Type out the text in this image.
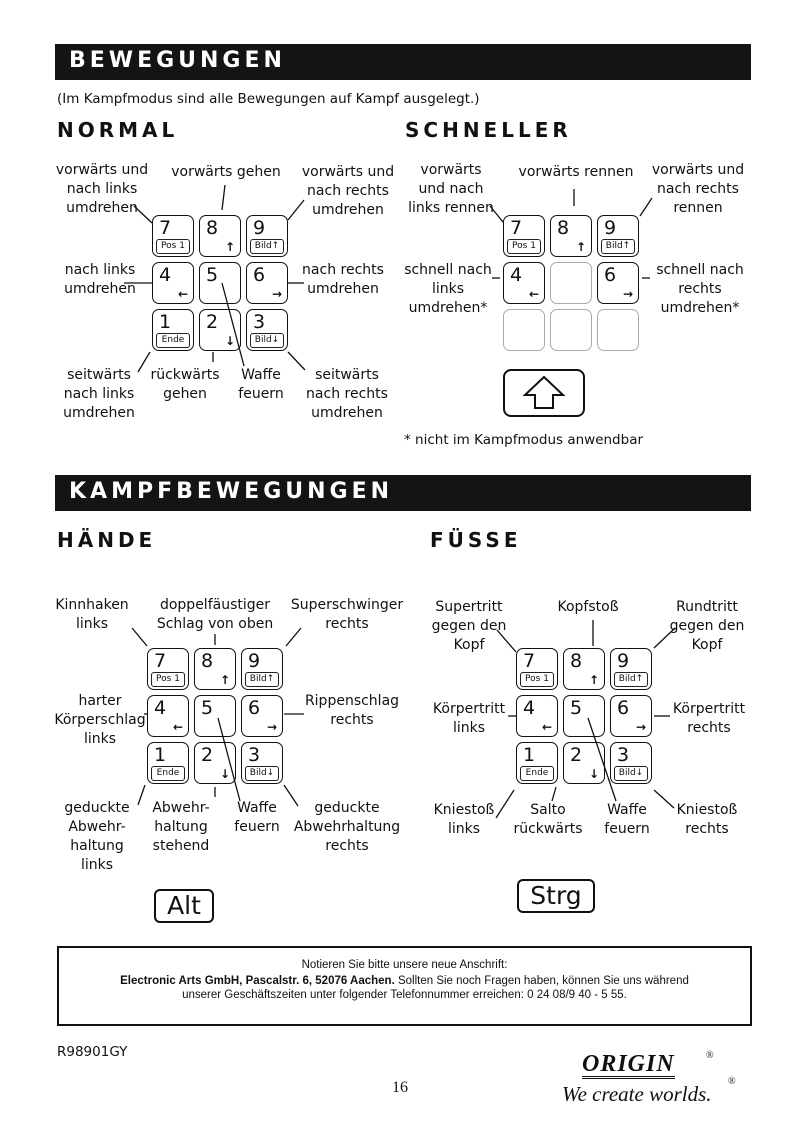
BEWEGUNGEN
(Im Kampfmodus sind alle Bewegungen auf Kampf ausgelegt.)
NORMAL	SCHNELLER
7
Pos 1
8
↑
9
Bild↑
4
←
5 6
→
1
Ende
2
↓
3
Bild↓
vorwärts und
nach links
umdrehen
vorwärts gehen vorwärts und
nach rechts
umdrehen
nach links
umdrehen
nach rechts
umdrehen
seitwärts
nach links
umdrehen
rückwärts
gehen
Waffe
feuern
seitwärts
nach rechts
umdrehen
7
Pos 1
8
↑
9
Bild↑
4
←
6
→
vorwärts
und nach
links rennen
vorwärts rennen vorwärts und
nach rechts
rennen
schnell nach
links
umdrehen*
schnell nach
rechts
umdrehen*
* nicht im Kampfmodus anwendbar
KAMPFBEWEGUNGEN
HÄNDE	FÜSSE
7
Pos 1
8
↑
9
Bild↑
4
←
5 6
→
1
Ende
2
↓
3
Bild↓
Kinnhaken
links
doppelfäustiger
Schlag von oben
Superschwinger
rechts
harter
Körperschlag
links
Rippenschlag
rechts
geduckte
Abwehr-
haltung
links
Abwehr-
haltung
stehend
Waffe
feuern
geduckte
Abwehrhaltung
rechts
Alt
7
Pos 1
8
↑
9
Bild↑
4
←
5 6
→
1
Ende
2
↓
3
Bild↓
Supertritt
gegen den
Kopf
Kopfstoß	Rundtritt
gegen den
Kopf
Körpertritt
links
Körpertritt
rechts
Kniestoß
links
Salto
rückwärts
Waffe
feuern
Kniestoß
rechts
Strg
Notieren Sie bitte unsere neue Anschrift:
Electronic Arts GmbH, Pascalstr. 6, 52076 Aachen. Sollten Sie noch Fragen haben, können Sie uns während
unserer Geschäftszeiten unter folgender Telefonnummer erreichen: 0 24 08/9 40 - 5 55.
R98901GY
16
ORIGIN	®
We create worlds.
®
